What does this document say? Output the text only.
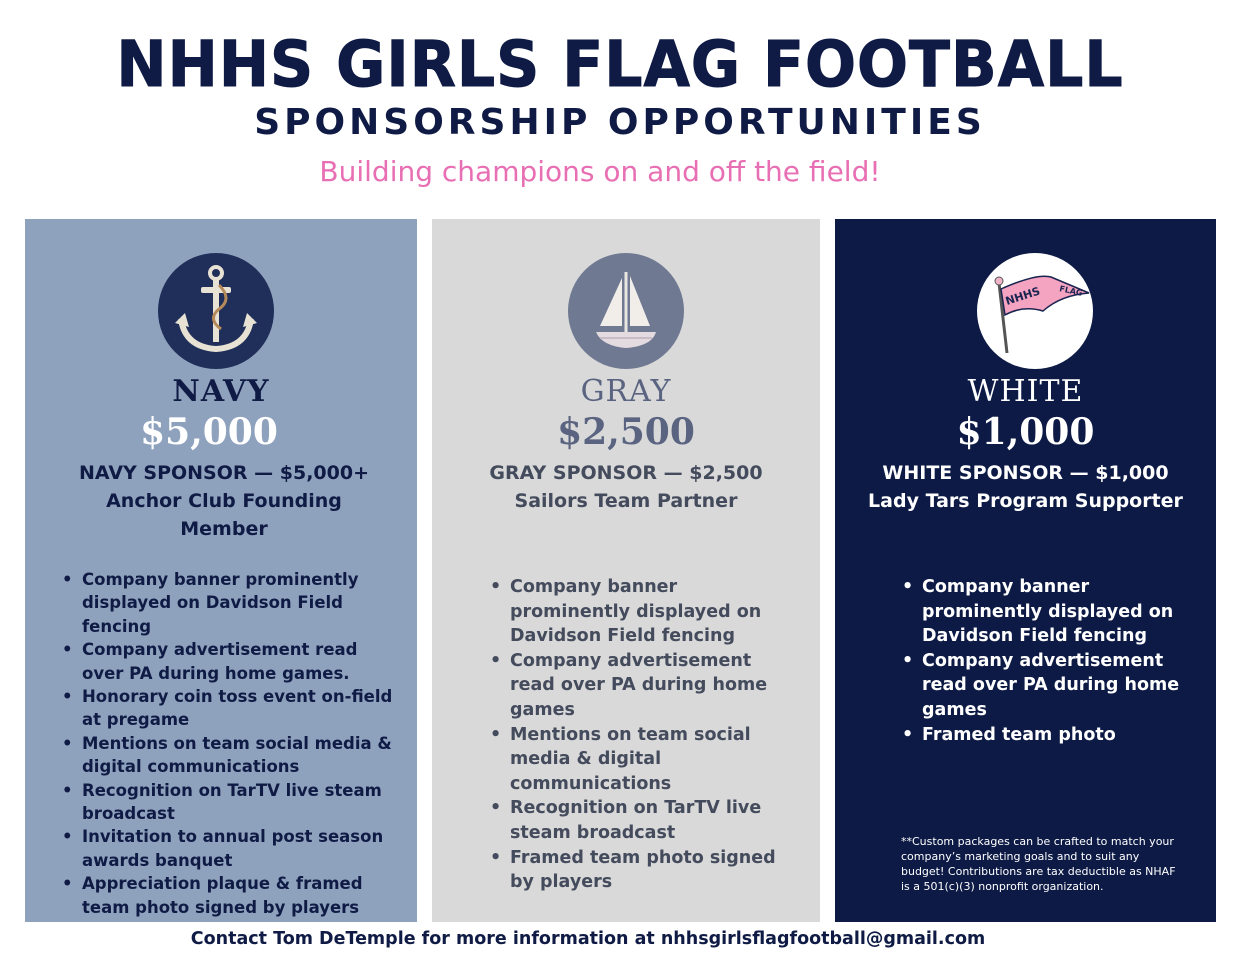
NHHS GIRLS FLAG FOOTBALL
SPONSORSHIP OPPORTUNITIES
Building champions on and off the field!
NAVY
$5,000
NAVY SPONSOR — $5,000+
Anchor Club Founding Member
• Company banner prominently displayed on Davidson Field fencing
• Company advertisement read over PA during home games.
• Honorary coin toss event on-field at pregame
• Mentions on team social media & digital communications
• Recognition on TarTV live steam broadcast
• Invitation to annual post season awards banquet
• Appreciation plaque & framed team photo signed by players
GRAY
$2,500
GRAY SPONSOR — $2,500
Sailors Team Partner
• Company banner prominently displayed on Davidson Field fencing
• Company advertisement read over PA during home games
• Mentions on team social media & digital communications
• Recognition on TarTV live steam broadcast
• Framed team photo signed by players
NHHS FLAG
WHITE
$1,000
WHITE SPONSOR — $1,000
Lady Tars Program Supporter
• Company banner prominently displayed on Davidson Field fencing
• Company advertisement read over PA during home games
• Framed team photo
**Custom packages can be crafted to match your company’s marketing goals and to suit any budget! Contributions are tax deductible as NHAF is a 501(c)(3) nonprofit organization.
Contact Tom DeTemple for more information at nhhsgirlsflagfootball@gmail.com
